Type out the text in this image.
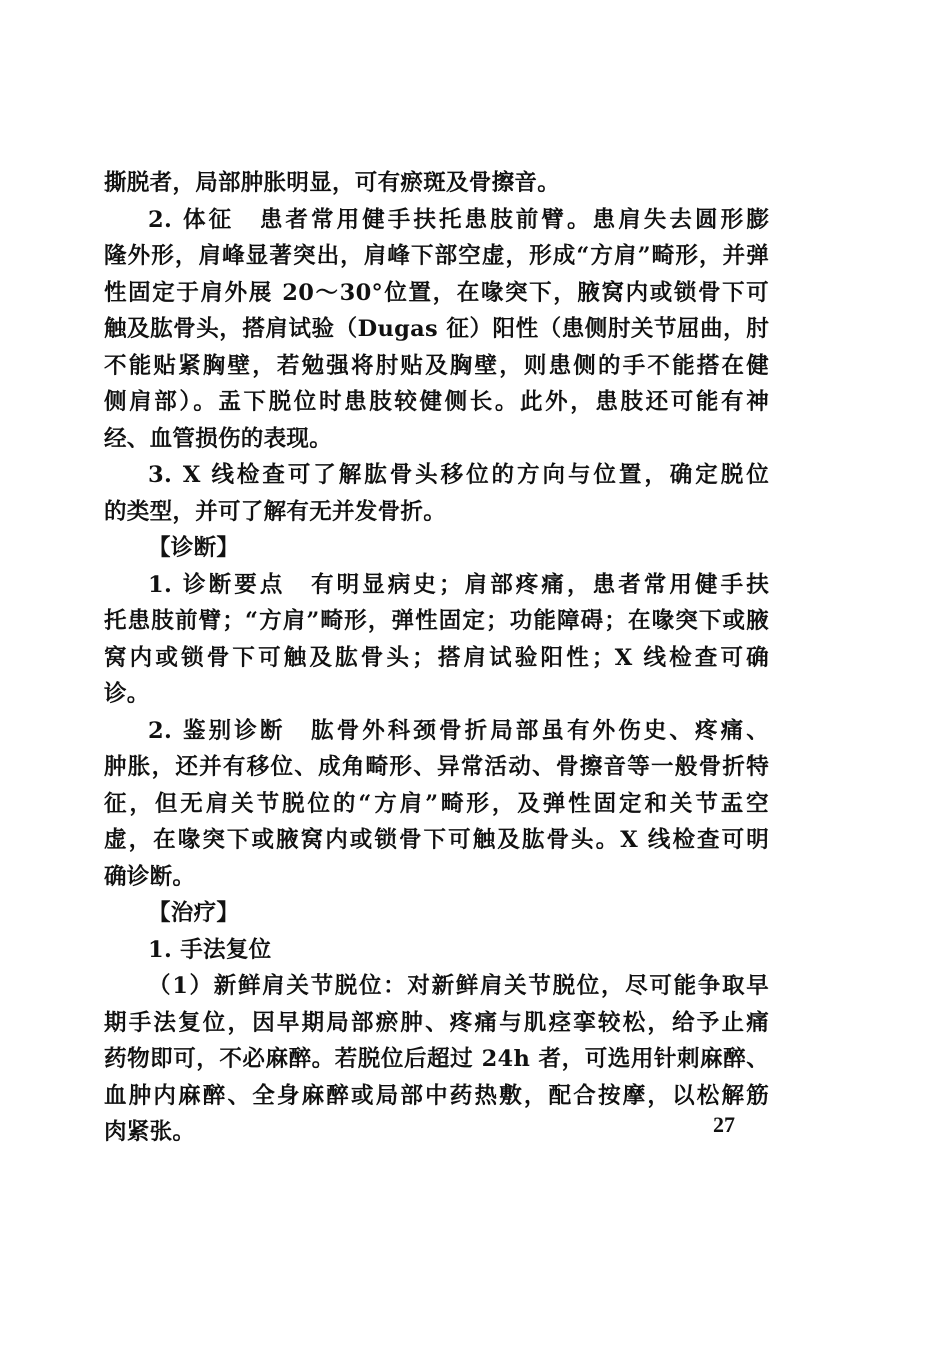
撕脱者，局部肿胀明显，可有瘀斑及骨擦音。
2. 体征　患者常用健手扶托患肢前臂。患肩失去圆形膨
隆外形，肩峰显著突出，肩峰下部空虚，形成“方肩”畸形，并弹
性固定于肩外展 20～30°位置，在喙突下，腋窝内或锁骨下可
触及肱骨头，搭肩试验（Dugas 征）阳性（患侧肘关节屈曲，肘
不能贴紧胸壁，若勉强将肘贴及胸壁，则患侧的手不能搭在健
侧肩部）。盂下脱位时患肢较健侧长。此外，患肢还可能有神
经、血管损伤的表现。
3. X 线检查可了解肱骨头移位的方向与位置，确定脱位
的类型，并可了解有无并发骨折。
【诊断】
1. 诊断要点　有明显病史；肩部疼痛，患者常用健手扶
托患肢前臂；“方肩”畸形，弹性固定；功能障碍；在喙突下或腋
窝内或锁骨下可触及肱骨头；搭肩试验阳性；X 线检查可确
诊。
2. 鉴别诊断　肱骨外科颈骨折局部虽有外伤史、疼痛、
肿胀，还并有移位、成角畸形、异常活动、骨擦音等一般骨折特
征，但无肩关节脱位的“方肩”畸形，及弹性固定和关节盂空
虚，在喙突下或腋窝内或锁骨下可触及肱骨头。X 线检查可明
确诊断。
【治疗】
1. 手法复位
（1）新鲜肩关节脱位：对新鲜肩关节脱位，尽可能争取早
期手法复位，因早期局部瘀肿、疼痛与肌痉挛较松，给予止痛
药物即可，不必麻醉。若脱位后超过 24h 者，可选用针刺麻醉、
血肿内麻醉、全身麻醉或局部中药热敷，配合按摩，以松解筋
肉紧张。	27
